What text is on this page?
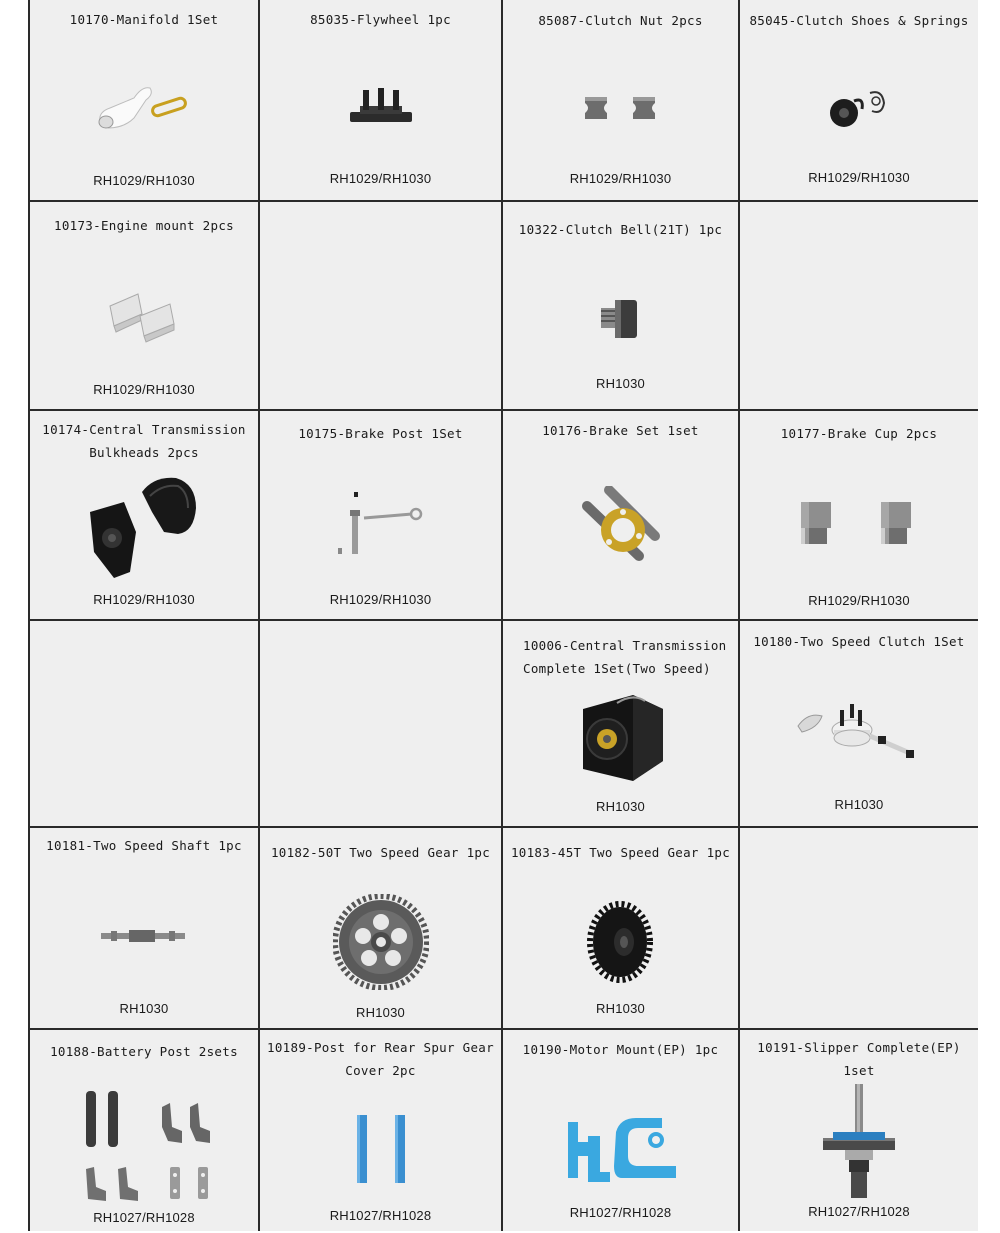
10170-Manifold 1Set
RH1029/RH1030
85035-Flywheel 1pc
RH1029/RH1030
85087-Clutch Nut 2pcs
RH1029/RH1030
85045-Clutch Shoes & Springs
RH1029/RH1030
10173-Engine mount 2pcs
RH1029/RH1030
10322-Clutch Bell(21T) 1pc
RH1030
10174-Central Transmission
Bulkheads 2pcs
RH1029/RH1030
10175-Brake Post 1Set
RH1029/RH1030
10176-Brake Set 1set	10177-Brake Cup 2pcs
RH1029/RH1030
10006-Central Transmission
Complete 1Set(Two Speed)
RH1030
10180-Two Speed Clutch 1Set
RH1030
10181-Two Speed Shaft 1pc
RH1030
10182-50T Two Speed Gear 1pc
RH1030
10183-45T Two Speed Gear 1pc
RH1030
10188-Battery Post 2sets
RH1027/RH1028
10189-Post for Rear Spur Gear
Cover 2pc
RH1027/RH1028
10190-Motor Mount(EP) 1pc
RH1027/RH1028
10191-Slipper Complete(EP) 1set
RH1027/RH1028
